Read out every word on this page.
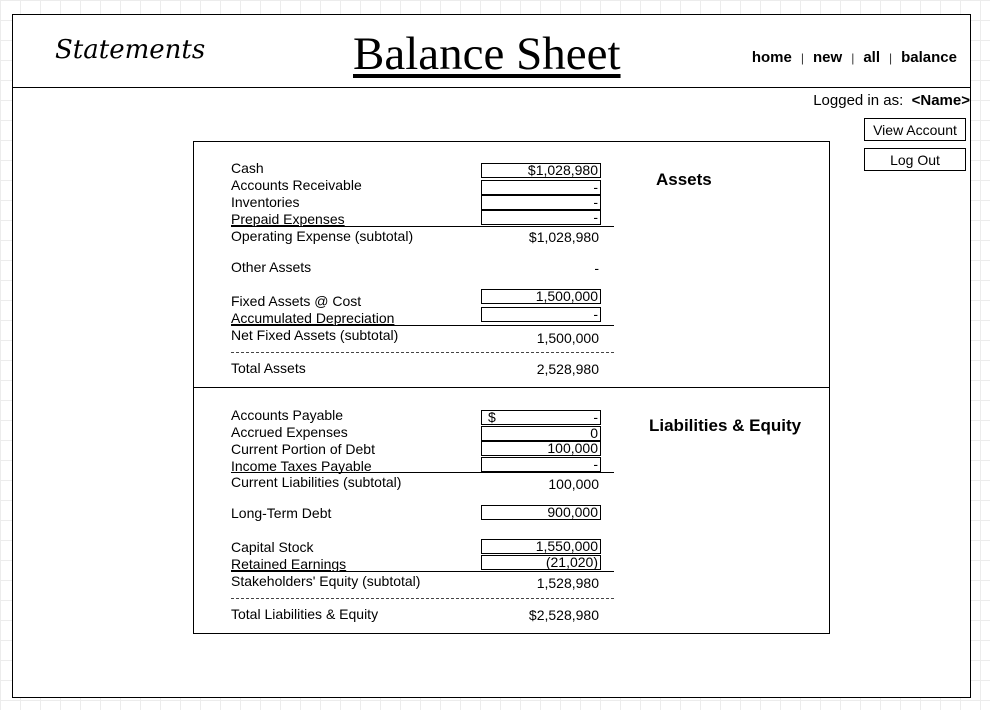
Statements	Balance Sheet	home | new | all | balance
Logged in as: <Name>
View Account
Log Out
Assets
Cash	$1,028,980
Accounts Receivable	-
Inventories	-
Prepaid Expenses	-
Operating Expense (subtotal)	$1,028,980
Other Assets	-
Fixed Assets @ Cost	1,500,000
Accumulated Depreciation	-
Net Fixed Assets (subtotal)	1,500,000
Total Assets	2,528,980
Liabilities & Equity
Accounts Payable	$	-
Accrued Expenses	0
Current Portion of Debt	100,000
Income Taxes Payable	-
Current Liabilities (subtotal)	100,000
Long-Term Debt	900,000
Capital Stock	1,550,000
Retained Earnings	(21,020)
Stakeholders' Equity (subtotal)	1,528,980
Total Liabilities & Equity	$2,528,980
